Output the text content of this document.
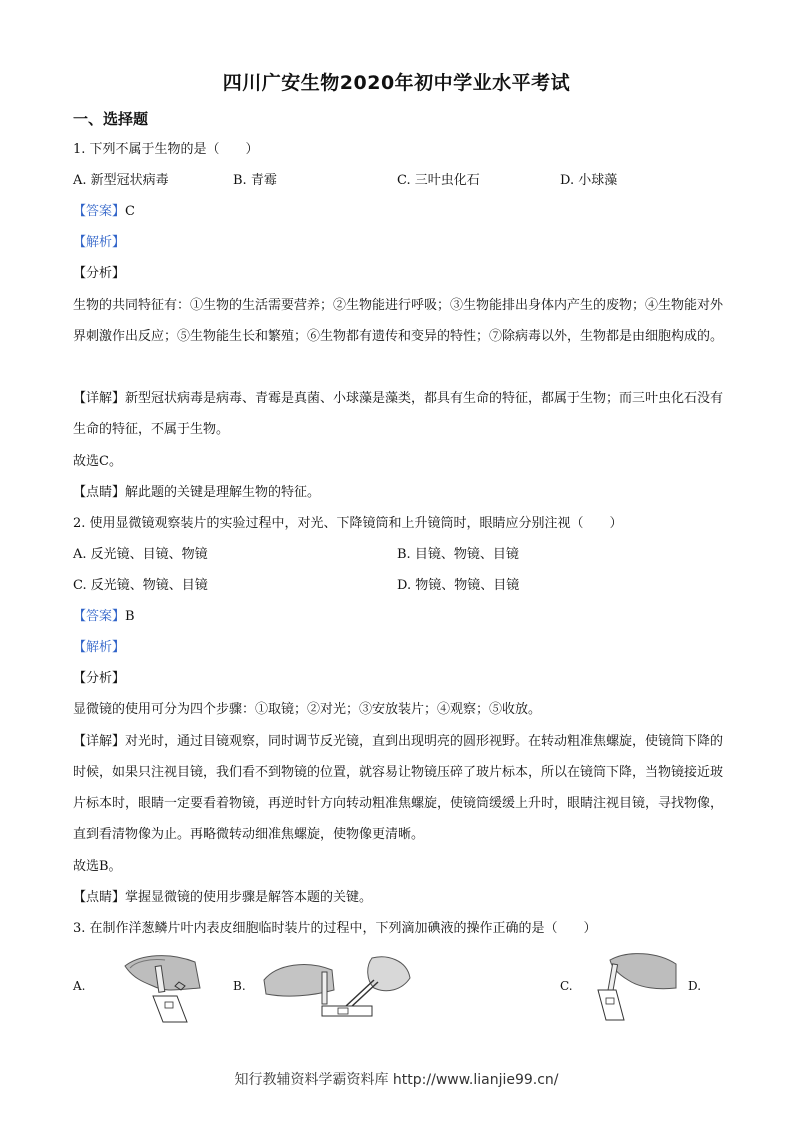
四川广安生物2020年初中学业水平考试
一、选择题
1. 下列不属于生物的是（　　）
A. 新型冠状病毒	B. 青霉	C. 三叶虫化石	D. 小球藻
【答案】C
【解析】
【分析】
生物的共同特征有：①生物的生活需要营养；②生物能进行呼吸；③生物能排出身体内产生的废物；④生物能对外界刺激作出反应；⑤生物能生长和繁殖；⑥生物都有遗传和变异的特性；⑦除病毒以外，生物都是由细胞构成的。
【详解】新型冠状病毒是病毒、青霉是真菌、小球藻是藻类，都具有生命的特征，都属于生物；而三叶虫化石没有生命的特征，不属于生物。
故选C。
【点睛】解此题的关键是理解生物的特征。
2. 使用显微镜观察装片的实验过程中，对光、下降镜筒和上升镜筒时，眼睛应分别注视（　　）
A. 反光镜、目镜、物镜	B. 目镜、物镜、目镜
C. 反光镜、物镜、目镜	D. 物镜、物镜、目镜
【答案】B
【解析】
【分析】
显微镜的使用可分为四个步骤：①取镜；②对光；③安放装片；④观察；⑤收放。
【详解】对光时，通过目镜观察，同时调节反光镜，直到出现明亮的圆形视野。在转动粗准焦螺旋，使镜筒下降的时候，如果只注视目镜，我们看不到物镜的位置，就容易让物镜压碎了玻片标本，所以在镜筒下降，当物镜接近玻片标本时，眼睛一定要看着物镜，再逆时针方向转动粗准焦螺旋，使镜筒缓缓上升时，眼睛注视目镜，寻找物像，直到看清物像为止。再略微转动细准焦螺旋，使物像更清晰。
故选B。
【点睛】掌握显微镜的使用步骤是解答本题的关键。
3. 在制作洋葱鳞片叶内表皮细胞临时装片的过程中，下列滴加碘液的操作正确的是（　　）
A.	B.	C.	D.
知行教辅资料学霸资料库 http://www.lianjie99.cn/
